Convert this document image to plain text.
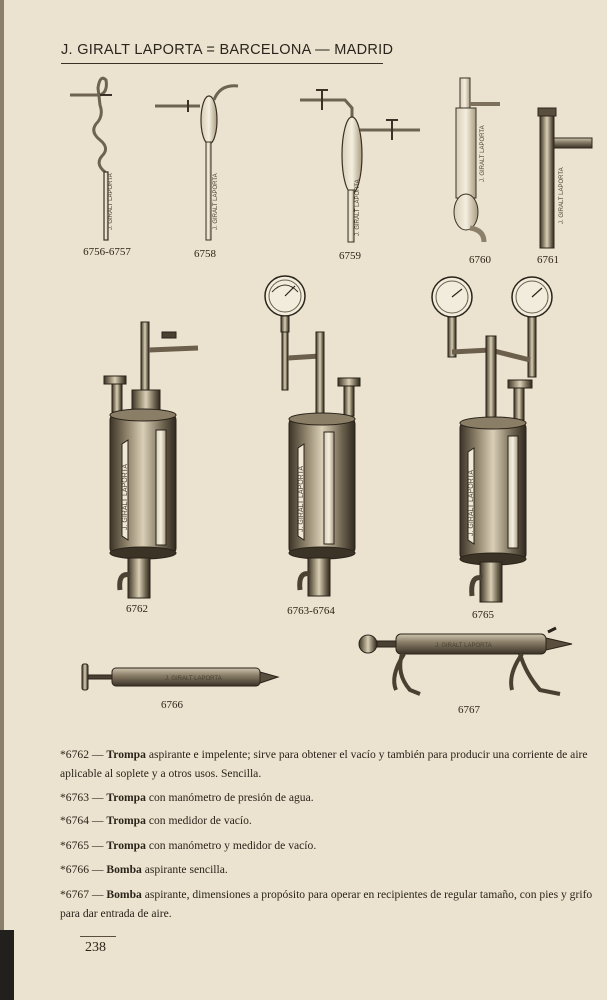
J. GIRALT LAPORTA = BARCELONA — MADRID
J. GIRALT LAPORTA	J. GIRALT LAPORTA	J. GIRALT LAPORTA
J. GIRALT LAPORTA
J. GIRALT LAPORTA
J. GIRALT LAPORTA	J. GIRALT LAPORTA	J. GIRALT LAPORTA
J. GIRALT LAPORTA
J. GIRALT LAPORTA
6756-6757	6758	6759	6760	6761
6762	6763-6764	6765
6766	6767
*6762 — Trompa aspirante e impelente; sirve para obtener el vacío y también para producir una corriente de aire aplicable al soplete y a otros usos. Sencilla.
*6763 — Trompa con manómetro de presión de agua.
*6764 — Trompa con medidor de vacío.
*6765 — Trompa con manómetro y medidor de vacío.
*6766 — Bomba aspirante sencilla.
*6767 — Bomba aspirante, dimensiones a propósito para operar en recipientes de regular tamaño, con pies y grifo para dar entrada de aire.
238
